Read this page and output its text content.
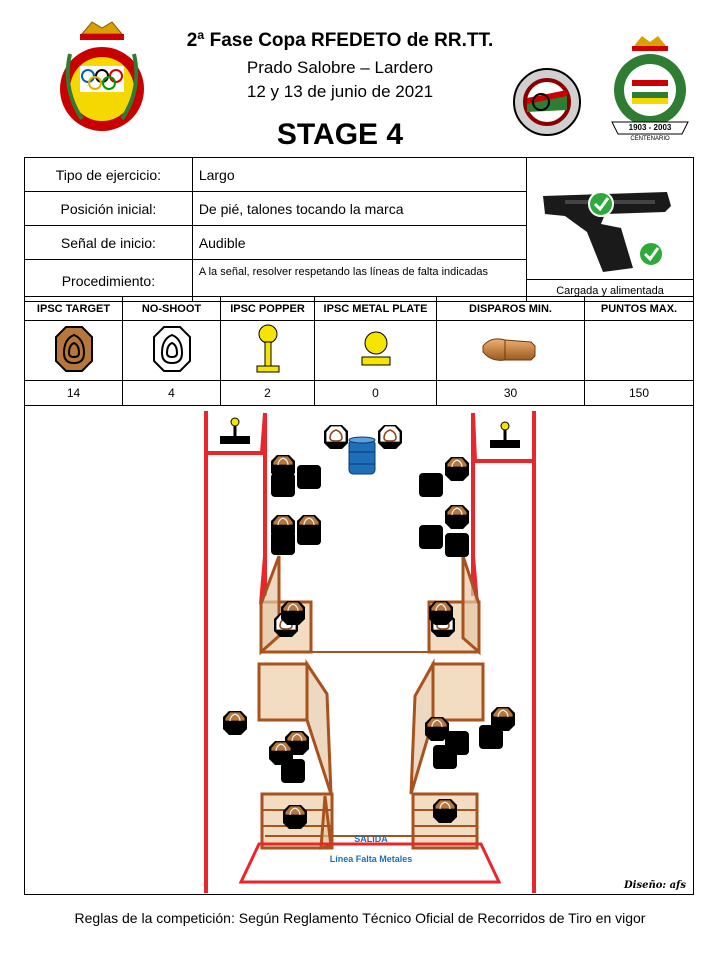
1903 - 2003
CENTENARIO
2ª Fase Copa RFEDETO de RR.TT.
Prado Salobre – Lardero
12 y 13 de junio de 2021
STAGE 4
Tipo de ejercicio:	Largo	Cargada y alimentada

Posición inicial:	De pié, talones tocando la marca	
Señal de inicio:	Audible	
Procedimiento:	A la señal, resolver respetando las líneas de falta indicadas	
IPSC TARGET	NO-SHOOT	IPSC POPPER	IPSC METAL PLATE	DISPAROS MIN.	PUNTOS MAX.

14	4	2	0	30	150
SALIDA
Línea Falta Metales
Diseño: afs
Reglas de la competición: Según Reglamento Técnico Oficial de Recorridos de Tiro en vigor
